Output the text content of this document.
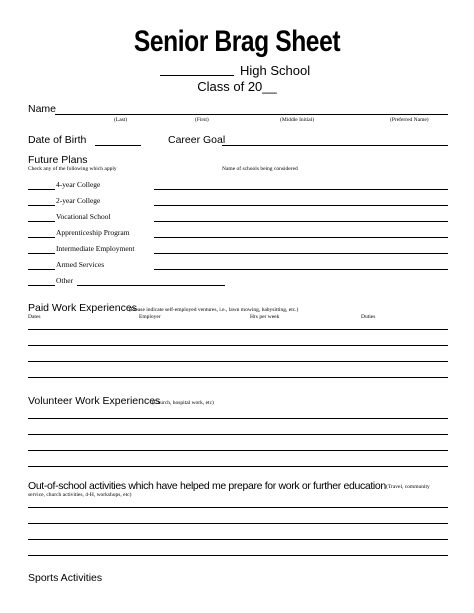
Senior Brag Sheet
High School
Class of 20__
Name
(Last)	(First)	(Middle Initial)	(Preferred Name)
Date of Birth	Career Goal
Future Plans
Check any of the following which apply	Name of schools being considered
4-year College
2-year College
Vocational School
Apprenticeship Program
Intermediate Employment
Armed Services
Other
Paid Work Experiences
(Please indicate self-employed ventures, i.e., lawn mowing, babysitting, etc.)
Dates	Employer	Hrs per week	Duties
Volunteer Work Experiences
(Church, hospital work, etc)
Out-of-school activities which have helped me prepare for work or further education (Travel, community
service, church activities, 4-H, workshops, etc)
Sports Activities
